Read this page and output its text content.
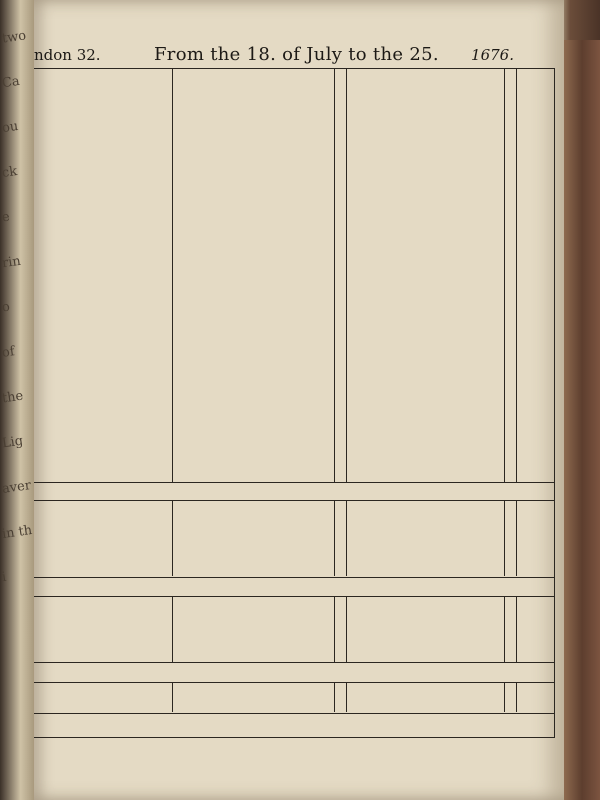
two
Ca
ou
ck
e
rin
o
of
the
Lig
aver
in th
i
ndon 32.	From the 18. of July to the 25. 1676.
